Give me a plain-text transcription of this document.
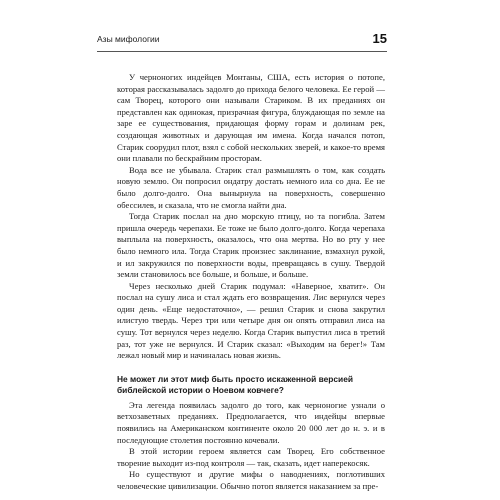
Азы мифологии	15

У черноногих индейцев Монтаны, США, есть история о потопе, которая рассказывалась задолго до прихода белого человека. Ее герой — сам Творец, которого они называли Стариком. В их преданиях он представлен как одинокая, призрачная фигура, блуждающая по земле на заре ее существования, придающая форму горам и долинам рек, создающая животных и дарующая им имена. Когда начался потоп, Старик соорудил плот, взял с собой нескольких зверей, и какое-то время они плавали по бескрайним просторам.

Вода все не убывала. Старик стал размышлять о том, как создать новую землю. Он попросил ондатру достать немного ила со дна. Ее не было долго-долго. Она вынырнула на поверхность, совершенно обессилев, и сказала, что не смогла найти дна.

Тогда Старик послал на дно морскую птицу, но та погибла. Затем пришла очередь черепахи. Ее тоже не было долго-долго. Когда черепаха выплыла на поверхность, оказалось, что она мертва. Но во рту у нее было немного ила. Тогда Старик произнес заклинание, взмахнул рукой, и ил закружился по поверхности воды, превращаясь в сушу. Твердой земли становилось все больше, и больше, и больше.

Через несколько дней Старик подумал: «Наверное, хватит». Он послал на сушу лиса и стал ждать его возвращения. Лис вернулся через один день. «Еще недостаточно», — решил Старик и снова закрутил илистую твердь. Через три или четыре дня он опять отправил лиса на сушу. Тот вернулся через неделю. Когда Старик выпустил лиса в третий раз, тот уже не вернулся. И Старик сказал: «Выходим на берег!» Там лежал новый мир и начиналась новая жизнь.

Не может ли этот миф быть просто искаженной версией библейской истории о Ноевом ковчеге?

Эта легенда появилась задолго до того, как черноногие узнали о ветхозаветных преданиях. Предполагается, что индейцы впервые появились на Американском континенте около 20 000 лет до н. э. и в последующие столетия постоянно кочевали.

В этой истории героем является сам Творец. Его собственное творение выходит из-под контроля — так, сказать, идет наперекосяк.

Но существуют и другие мифы о наводнениях, поглотивших человеческие цивилизации. Обычно потоп является наказанием за пре-
